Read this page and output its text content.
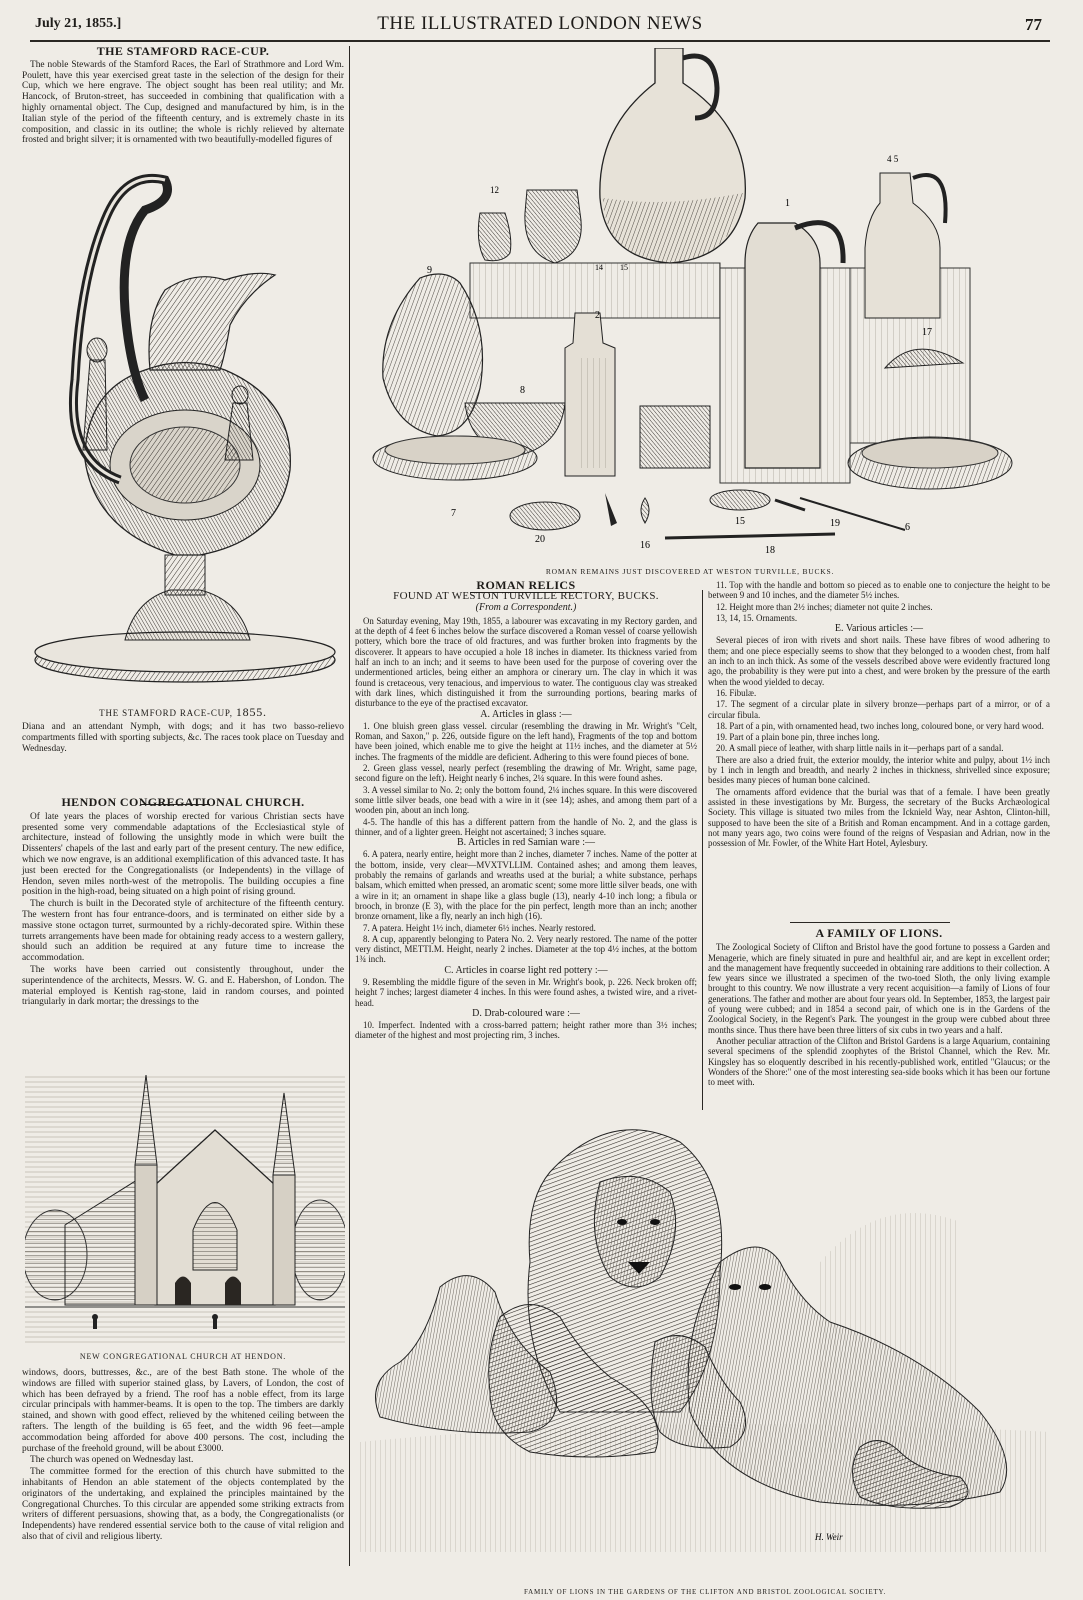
July 21, 1855.]	THE ILLUSTRATED LONDON NEWS	77
THE STAMFORD RACE-CUP.

The noble Stewards of the Stamford Races, the Earl of Strathmore and Lord Wm. Poulett, have this year exercised great taste in the selection of the design for their Cup, which we here engrave. The object sought has been real utility; and Mr. Hancock, of Bruton-street, has succeeded in combining that qualification with a highly ornamental object. The Cup, designed and manufactured by him, is in the Italian style of the period of the fifteenth century, and is extremely chaste in its composition, and classic in its outline; the whole is richly relieved by alternate frosted and bright silver; it is ornamented with two beautifully-modelled figures of

THE STAMFORD RACE-CUP, 1855.

Diana and an attendant Nymph, with dogs; and it has two basso-relievo compartments filled with sporting subjects, &c. The races took place on Tuesday and Wednesday.

HENDON CONGREGATIONAL CHURCH.

Of late years the places of worship erected for various Christian sects have presented some very commendable adaptations of the Ecclesiastical style of architecture, instead of following the unsightly mode in which were built the Dissenters' chapels of the last and early part of the present century. The new edifice, which we now engrave, is an additional exemplification of this advanced taste. It has just been erected for the Congregationalists (or Independents) in the village of Hendon, seven miles north-west of the metropolis. The building occupies a fine position in the high-road, being situated on a high point of rising ground.

The church is built in the Decorated style of architecture of the fifteenth century. The western front has four entrance-doors, and is terminated on either side by a massive stone octagon turret, surmounted by a richly-decorated spire. Within these turrets arrangements have been made for obtaining ready access to a western gallery, should such an addition be required at any future time to increase the accommodation.

The works have been carried out consistently throughout, under the superintendence of the architects, Messrs. W. G. and E. Habershon, of London. The material employed is Kentish rag-stone, laid in random courses, and pointed triangularly in dark mortar; the dressings to the

NEW CONGREGATIONAL CHURCH AT HENDON.

windows, doors, buttresses, &c., are of the best Bath stone. The whole of the windows are filled with superior stained glass, by Lavers, of London, the cost of which has been defrayed by a friend. The roof has a noble effect, from its large circular principals with hammer-beams. It is open to the top. The timbers are darkly stained, and shown with good effect, relieved by the whitened ceiling between the rafters. The length of the building is 65 feet, and the width 96 feet—ample accommodation being afforded for above 400 persons. The cost, including the purchase of the freehold ground, will be about £3000.

The church was opened on Wednesday last.

The committee formed for the erection of this church have submitted to the inhabitants of Hendon an able statement of the objects contemplated by the originators of the undertaking, and explained the principles maintained by the Congregational Churches. To this circular are appended some striking extracts from writers of different persuasions, showing that, as a body, the Congregationalists (or Independents) have rendered essential service both to the cause of vital religion and also that of civil and religious liberty.

12
14 15
1
4 5
9
2
8
17
7
6
15	19
20
16	18
ROMAN REMAINS JUST DISCOVERED AT WESTON TURVILLE, BUCKS.
ROMAN RELICS
FOUND AT WESTON TURVILLE RECTORY, BUCKS.
(From a Correspondent.)

On Saturday evening, May 19th, 1855, a labourer was excavating in my Rectory garden, and at the depth of 4 feet 6 inches below the surface discovered a Roman vessel of coarse yellowish pottery, which bore the trace of old fractures, and was further broken into fragments by the discoverer. It appears to have occupied a hole 18 inches in diameter. Its thickness varied from half an inch to an inch; and it seems to have been used for the purpose of covering over the undermentioned articles, being either an amphora or cinerary urn. The clay in which it was found is cretaceous, very tenacious, and impervious to water. The contiguous clay was streaked with dark lines, which distinguished it from the surrounding portions, bearing marks of disturbance to the eye of the practised excavator.

A. Articles in glass :—

1. One bluish green glass vessel. circular (resembling the drawing in Mr. Wright's "Celt, Roman, and Saxon," p. 226, outside figure on the left hand), Fragments of the top and bottom have been joined, which enable me to give the height at 11½ inches, and the diameter at 5½ inches. The fragments of the middle are deficient. Adhering to this were found pieces of bone.

2. Green glass vessel, nearly perfect (resembling the drawing of Mr. Wright, same page, second figure on the left). Height nearly 6 inches, 2¼ square. In this were found ashes.

3. A vessel similar to No. 2; only the bottom found, 2¼ inches square. In this were discovered some little silver beads, one bead with a wire in it (see 14); ashes, and among them part of a wooden pin, about an inch long.

4-5. The handle of this has a different pattern from the handle of No. 2, and the glass is thinner, and of a lighter green. Height not ascertained; 3 inches square.

B. Articles in red Samian ware :—

6. A patera, nearly entire, height more than 2 inches, diameter 7 inches. Name of the potter at the bottom, inside, very clear—MVXTVLLIM. Contained ashes; and among them leaves, probably the remains of garlands and wreaths used at the burial; a white substance, perhaps balsam, which emitted when pressed, an aromatic scent; some more little silver beads, one with a wire in it; an ornament in shape like a glass bugle (13), nearly 4-10 inch long; a fibula or brooch, in bronze (E 3), with the place for the pin perfect, length more than an inch; another bronze ornament, like a fly, nearly an inch high (16).

7. A patera. Height 1½ inch, diameter 6½ inches. Nearly restored.

8. A cup, apparently belonging to Patera No. 2. Very nearly restored. The name of the potter very distinct, METTI.M. Height, nearly 2 inches. Diameter at the top 4½ inches, at the bottom 1¾ inch.

C. Articles in coarse light red pottery :—

9. Resembling the middle figure of the seven in Mr. Wright's book, p. 226. Neck broken off; height 7 inches; largest diameter 4 inches. In this were found ashes, a twisted wire, and a rivet-head.

D. Drab-coloured ware :—

10. Imperfect. Indented with a cross-barred pattern; height rather more than 3½ inches; diameter of the highest and most projecting rim, 3 inches.

11. Top with the handle and bottom so pieced as to enable one to conjecture the height to be between 9 and 10 inches, and the diameter 5½ inches.

12. Height more than 2½ inches; diameter not quite 2 inches.

13, 14, 15. Ornaments.

E. Various articles :—

Several pieces of iron with rivets and short nails. These have fibres of wood adhering to them; and one piece especially seems to show that they belonged to a wooden chest, from half an inch to an inch thick. As some of the vessels described above were evidently fractured long ago, the probability is they were put into a chest, and were broken by the pressure of the earth when the wood yielded to decay.

16. Fibulæ.

17. The segment of a circular plate in silvery bronze—perhaps part of a mirror, or of a circular fibula.

18. Part of a pin, with ornamented head, two inches long, coloured bone, or very hard wood.

19. Part of a plain bone pin, three inches long.

20. A small piece of leather, with sharp little nails in it—perhaps part of a sandal.

There are also a dried fruit, the exterior mouldy, the interior white and pulpy, about 1½ inch by 1 inch in length and breadth, and nearly 2 inches in thickness, shrivelled since exposure; besides many pieces of human bone calcined.

The ornaments afford evidence that the burial was that of a female. I have been greatly assisted in these investigations by Mr. Burgess, the secretary of the Bucks Archæological Society. This village is situated two miles from the Icknield Way, near Ashton, Clinton-hill, supposed to have been the site of a British and Roman encampment. And in a cottage garden, not many years ago, two coins were found of the reigns of Vespasian and Adrian, now in the possession of Mr. Fowler, of the White Hart Hotel, Aylesbury.

A FAMILY OF LIONS.

The Zoological Society of Clifton and Bristol have the good fortune to possess a Garden and Menagerie, which are finely situated in pure and healthful air, and are kept in excellent order; and the management have frequently succeeded in obtaining rare additions to their collection. A few years since we illustrated a specimen of the two-toed Sloth, the only living example brought to this country. We now illustrate a very recent acquisition—a family of Lions of four generations. The father and mother are about four years old. In September, 1853, the largest pair of young were cubbed; and in 1854 a second pair, of which one is in the Gardens of the Zoological Society, in the Regent's Park. The youngest in the group were cubbed about three months since. Thus there have been three litters of six cubs in two years and a half.

Another peculiar attraction of the Clifton and Bristol Gardens is a large Aquarium, containing several specimens of the splendid zoophytes of the Bristol Channel, which the Rev. Mr. Kingsley has so eloquently described in his recently-published work, entitled "Glaucus; or the Wonders of the Shore:" one of the most interesting sea-side books which it has been our fortune to meet with.

H. Weir
FAMILY OF LIONS IN THE GARDENS OF THE CLIFTON AND BRISTOL ZOOLOGICAL SOCIETY.
